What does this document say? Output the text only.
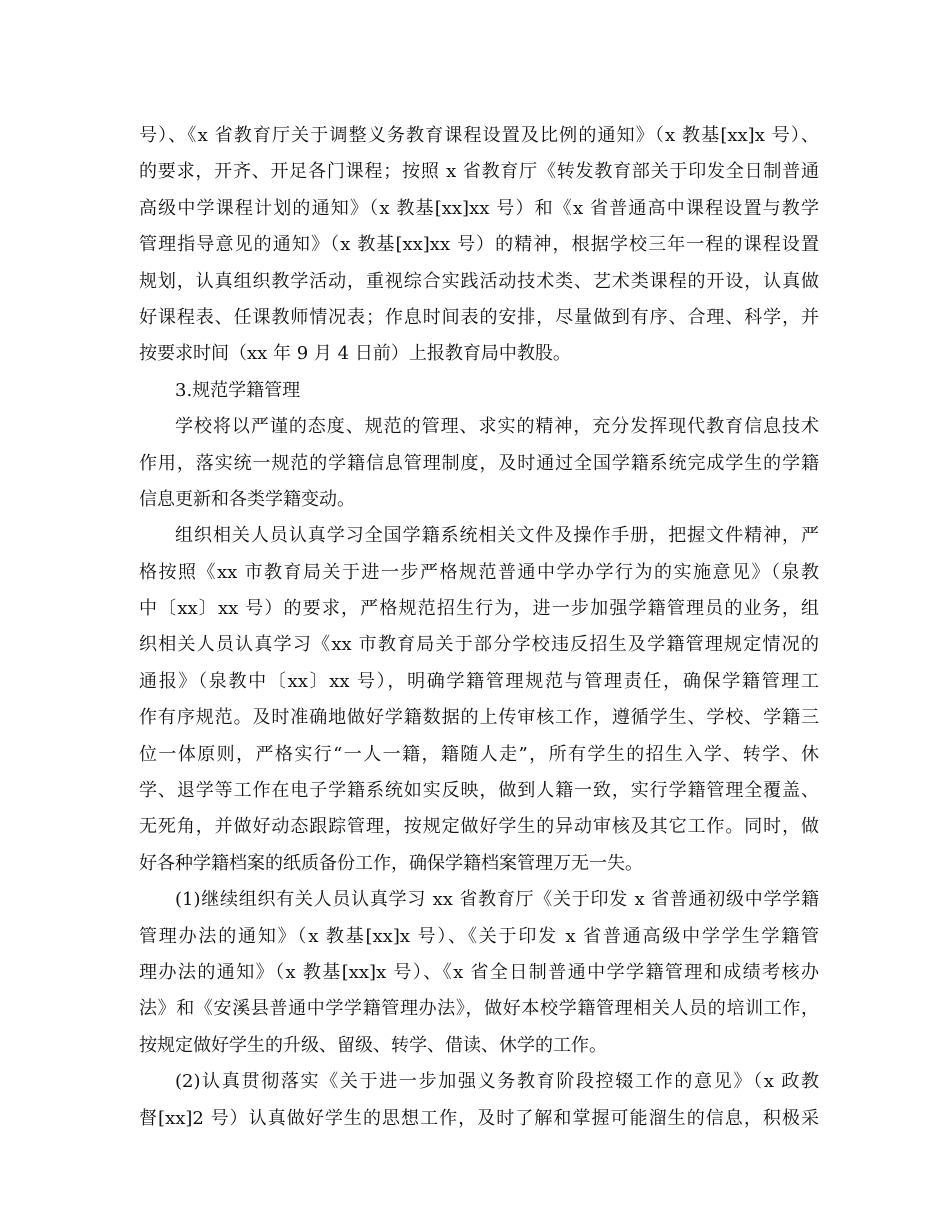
号）、《x 省教育厅关于调整义务教育课程设置及比例的通知》（x 教基[xx]x 号）、
的要求，开齐、开足各门课程；按照 x 省教育厅《转发教育部关于印发全日制普通
高级中学课程计划的通知》（x 教基[xx]xx 号）和《x 省普通高中课程设置与教学
管理指导意见的通知》（x 教基[xx]xx 号）的精神，根据学校三年一程的课程设置
规划，认真组织教学活动，重视综合实践活动技术类、艺术类课程的开设，认真做
好课程表、任课教师情况表；作息时间表的安排，尽量做到有序、合理、科学，并
按要求时间（xx 年 9 月 4 日前）上报教育局中教股。
3.规范学籍管理
学校将以严谨的态度、规范的管理、求实的精神，充分发挥现代教育信息技术
作用，落实统一规范的学籍信息管理制度，及时通过全国学籍系统完成学生的学籍
信息更新和各类学籍变动。
组织相关人员认真学习全国学籍系统相关文件及操作手册，把握文件精神，严
格按照《xx 市教育局关于进一步严格规范普通中学办学行为的实施意见》（泉教
中〔xx〕xx 号）的要求，严格规范招生行为，进一步加强学籍管理员的业务，组
织相关人员认真学习《xx 市教育局关于部分学校违反招生及学籍管理规定情况的
通报》（泉教中〔xx〕xx 号），明确学籍管理规范与管理责任，确保学籍管理工
作有序规范。及时准确地做好学籍数据的上传审核工作，遵循学生、学校、学籍三
位一体原则，严格实行“一人一籍，籍随人走”，所有学生的招生入学、转学、休
学、退学等工作在电子学籍系统如实反映，做到人籍一致，实行学籍管理全覆盖、
无死角，并做好动态跟踪管理，按规定做好学生的异动审核及其它工作。同时，做
好各种学籍档案的纸质备份工作，确保学籍档案管理万无一失。
(1)继续组织有关人员认真学习 xx 省教育厅《关于印发 x 省普通初级中学学籍
管理办法的通知》（x 教基[xx]x 号）、《关于印发 x 省普通高级中学学生学籍管
理办法的通知》（x 教基[xx]x 号）、《x 省全日制普通中学学籍管理和成绩考核办
法》和《安溪县普通中学学籍管理办法》，做好本校学籍管理相关人员的培训工作，
按规定做好学生的升级、留级、转学、借读、休学的工作。
(2)认真贯彻落实《关于进一步加强义务教育阶段控辍工作的意见》（x 政教
督[xx]2 号）认真做好学生的思想工作，及时了解和掌握可能溜生的信息，积极采
